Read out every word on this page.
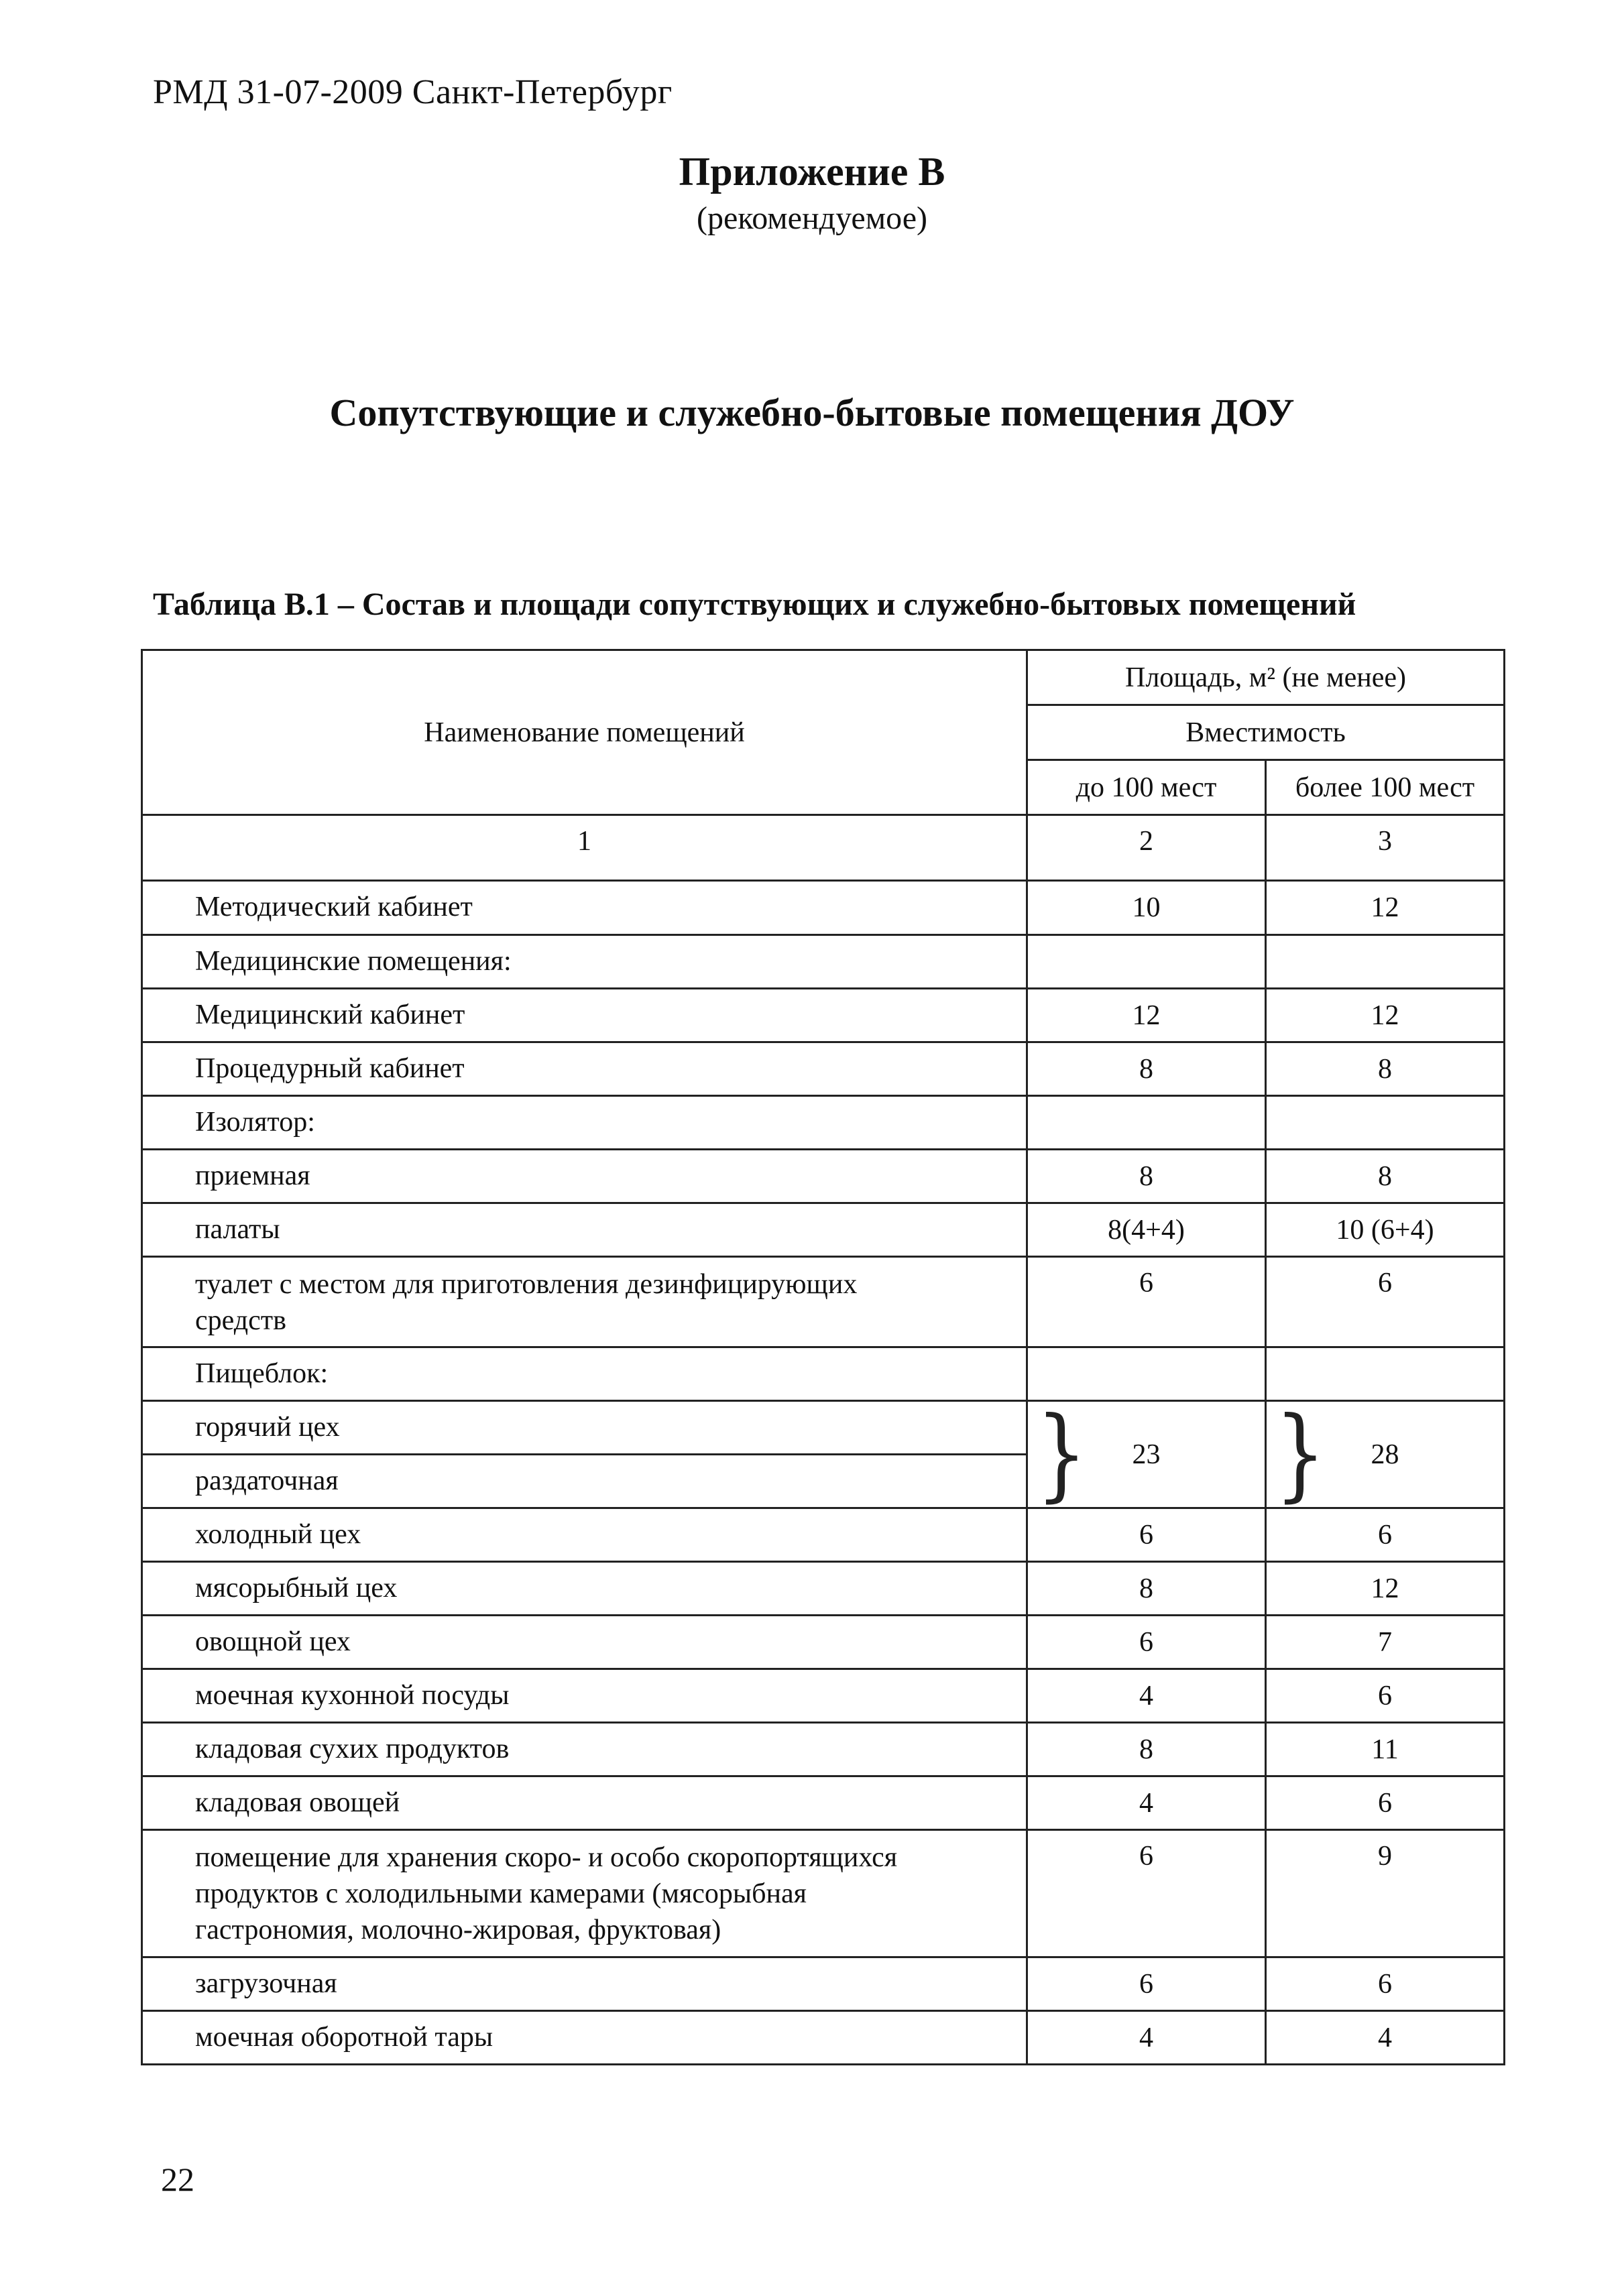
РМД 31-07-2009 Санкт-Петербург
Приложение В
(рекомендуемое)
Сопутствующие и служебно-бытовые помещения ДОУ
Таблица В.1 – Состав и площади сопутствующих и служебно-бытовых помещений
Наименование помещений	Площадь, м² (не менее)	
	Вместимость	
	до 100 мест	более 100 мест
1	2	3
Методический кабинет	10	12
Медицинские помещения:		
Медицинский кабинет	12	12
Процедурный кабинет	8	8
Изолятор:		
приемная	8	8
палаты	8(4+4)	10 (6+4)
туалет с местом для приготовления дезинфицирующих средств	6	6
Пищеблок:		
горячий цех	} 23	} 28

раздаточная		
холодный цех	6	6
мясорыбный цех	8	12
овощной цех	6	7
моечная кухонной посуды	4	6
кладовая сухих продуктов	8	11
кладовая овощей	4	6
помещение для хранения скоро- и особо скоропортящихся продуктов с холодильными камерами (мясорыбная гастрономия, молочно-жировая, фруктовая)	6	9
загрузочная	6	6
моечная оборотной тары	4	4
22
